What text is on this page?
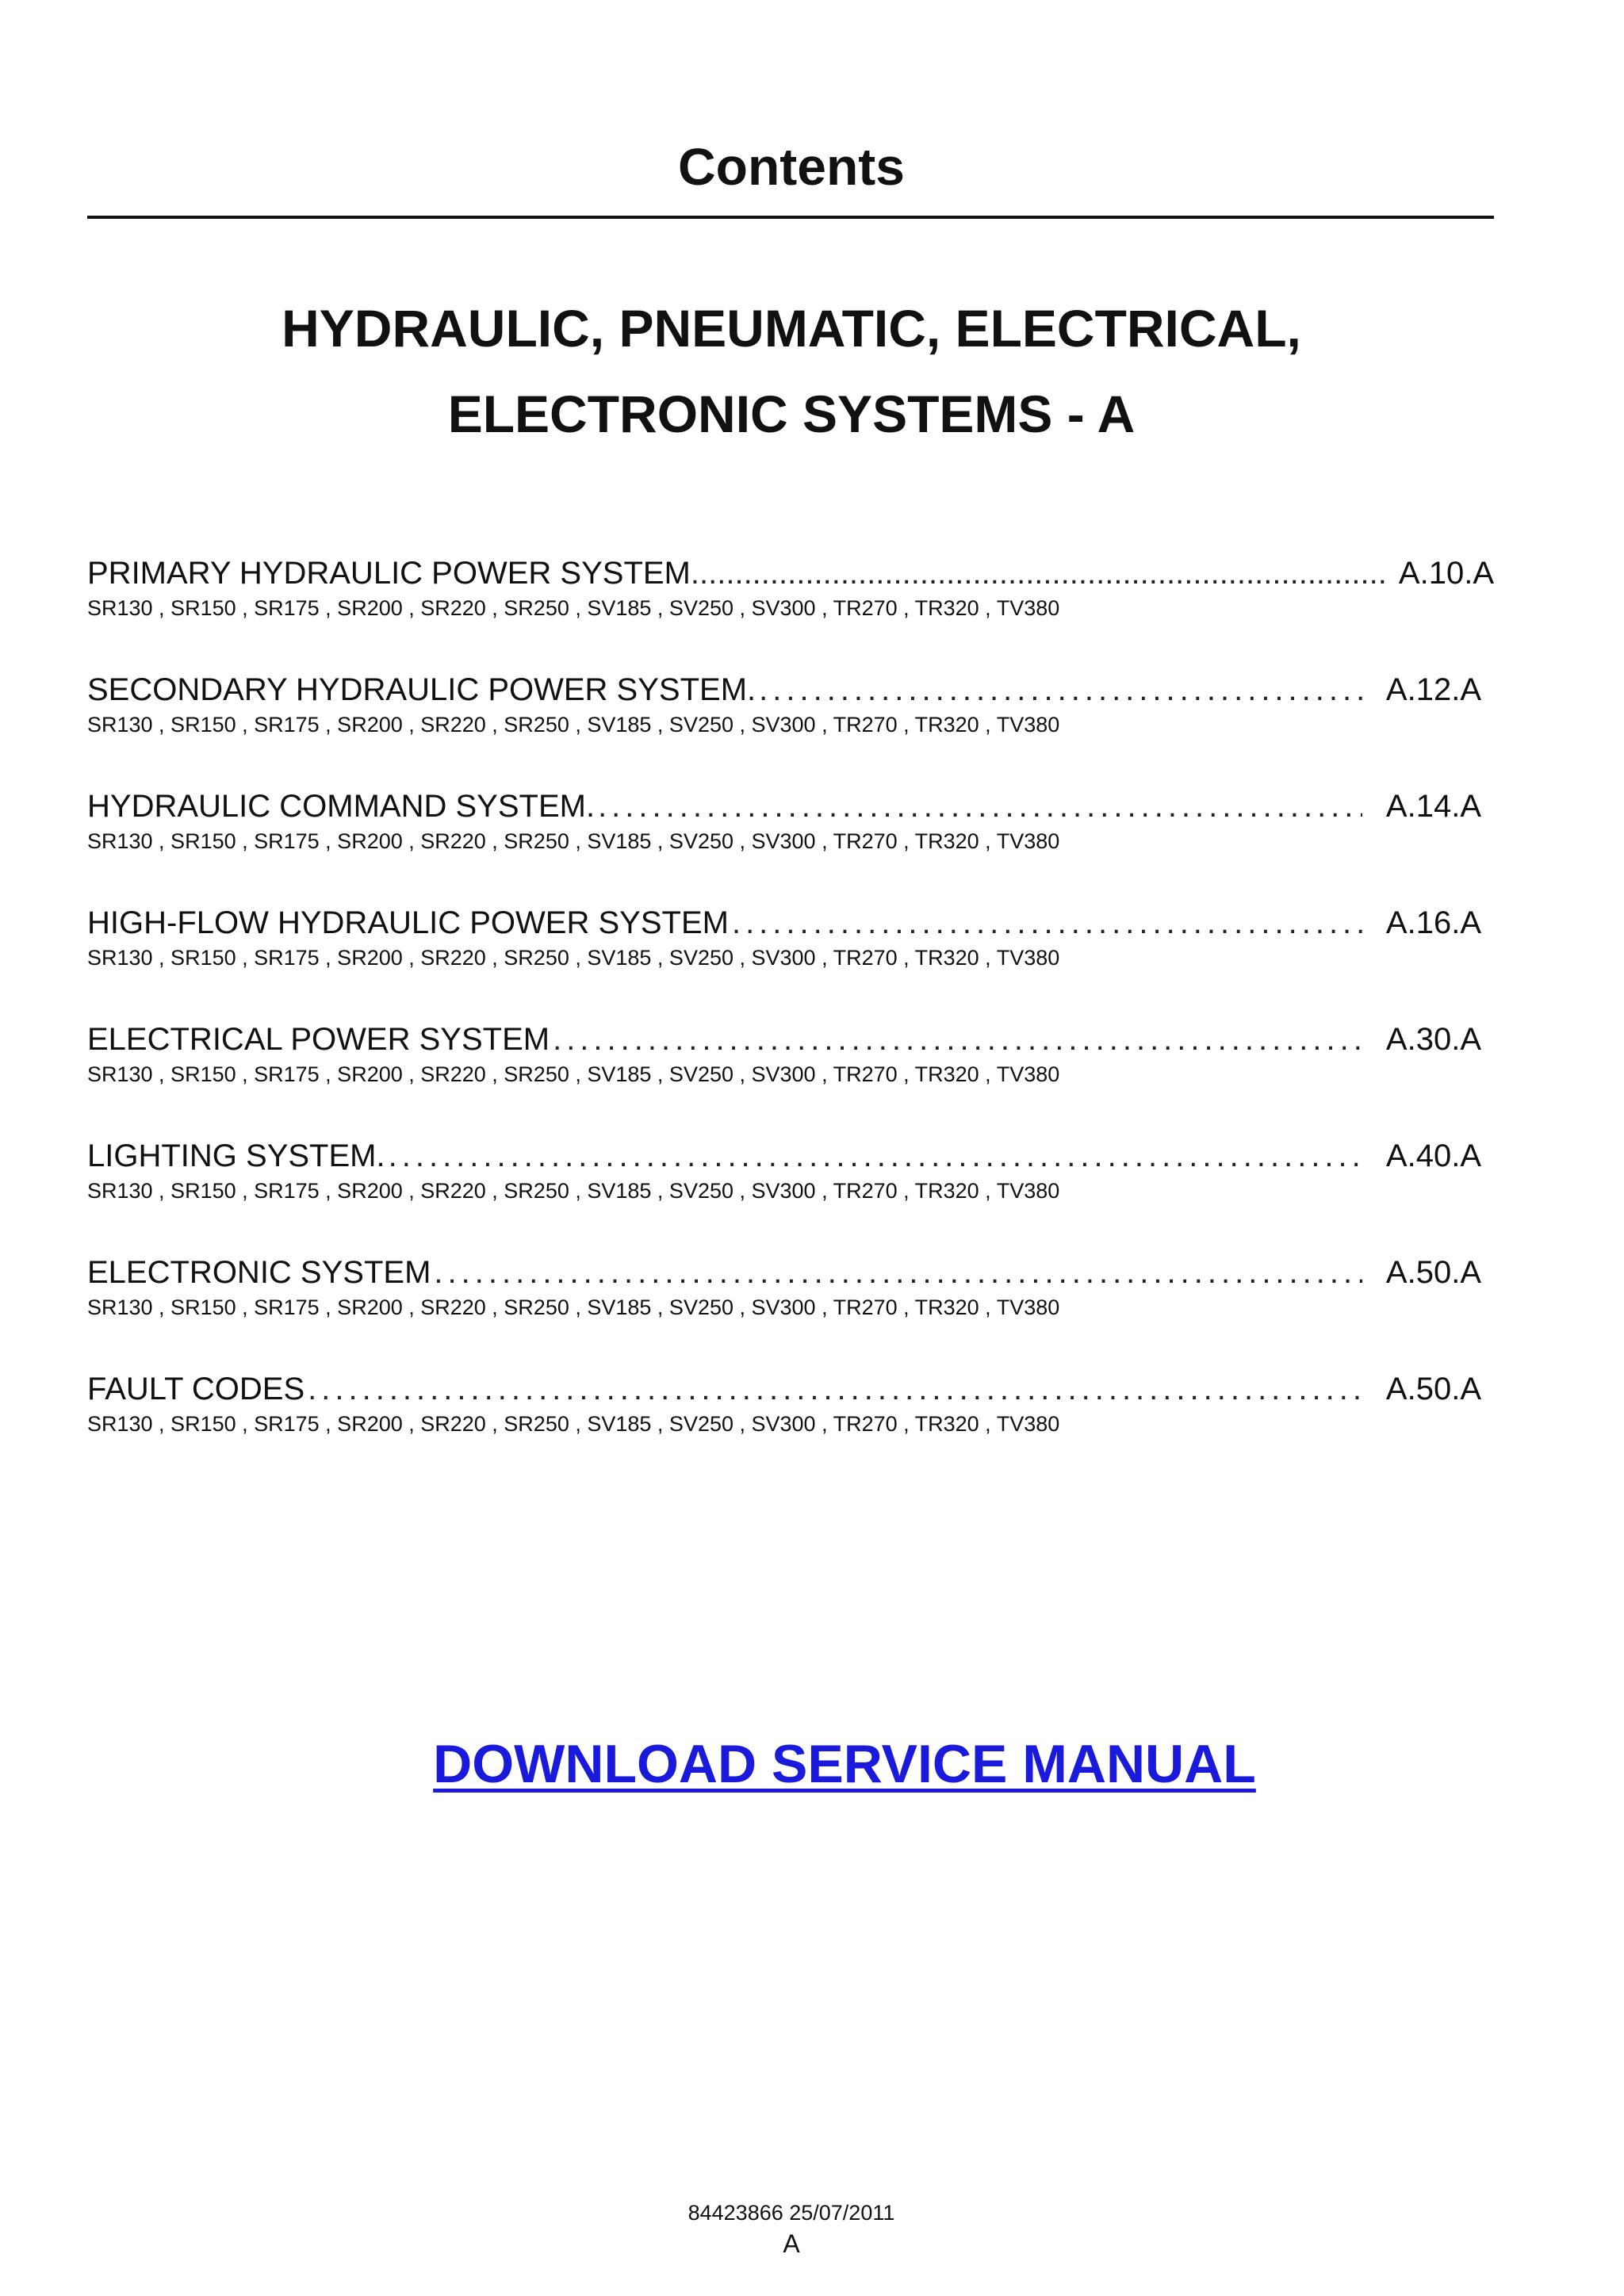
Contents
HYDRAULIC, PNEUMATIC, ELECTRICAL,
ELECTRONIC SYSTEMS - A
PRIMARY HYDRAULIC POWER SYSTEM .....	A.10.A
SR130 , SR150 , SR175 , SR200 , SR220 , SR250 , SV185 , SV250 , SV300 , TR270 , TR320 , TV380
SECONDARY HYDRAULIC POWER SYSTEM. .....	A.12.A
SR130 , SR150 , SR175 , SR200 , SR220 , SR250 , SV185 , SV250 , SV300 , TR270 , TR320 , TV380
HYDRAULIC COMMAND SYSTEM. .....	A.14.A
SR130 , SR150 , SR175 , SR200 , SR220 , SR250 , SV185 , SV250 , SV300 , TR270 , TR320 , TV380
HIGH-FLOW HYDRAULIC POWER SYSTEM .....	A.16.A
SR130 , SR150 , SR175 , SR200 , SR220 , SR250 , SV185 , SV250 , SV300 , TR270 , TR320 , TV380
ELECTRICAL POWER SYSTEM .....	A.30.A
SR130 , SR150 , SR175 , SR200 , SR220 , SR250 , SV185 , SV250 , SV300 , TR270 , TR320 , TV380
LIGHTING SYSTEM. .....	A.40.A
SR130 , SR150 , SR175 , SR200 , SR220 , SR250 , SV185 , SV250 , SV300 , TR270 , TR320 , TV380
ELECTRONIC SYSTEM .....	A.50.A
SR130 , SR150 , SR175 , SR200 , SR220 , SR250 , SV185 , SV250 , SV300 , TR270 , TR320 , TV380
FAULT CODES .....	A.50.A
SR130 , SR150 , SR175 , SR200 , SR220 , SR250 , SV185 , SV250 , SV300 , TR270 , TR320 , TV380
DOWNLOAD SERVICE MANUAL
84423866 25/07/2011
A
